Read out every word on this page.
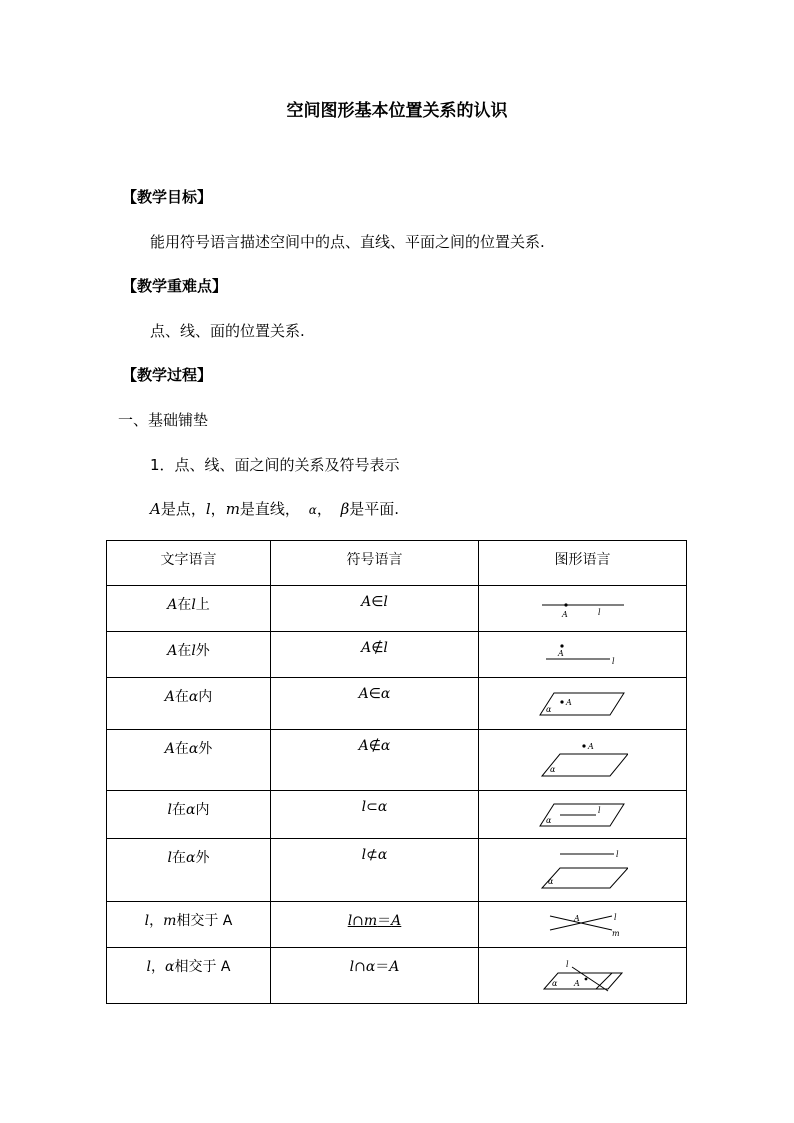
空间图形基本位置关系的认识
【教学目标】
能用符号语言描述空间中的点、直线、平面之间的位置关系.
【教学重难点】
点、线、面的位置关系.
【教学过程】
一、基础铺垫
1．点、线、面之间的关系及符号表示
A是点，l，m是直线， α， β是平面.
文字语言	符号语言	图形语言

A在l上	A∈l	A l

A在l外	A∉l	A
l

A在α内	A∈α	A
α

A在α外	A∉α	A
α

l在α内	l⊂α	l
α

l在α外	l⊄α	l
α

l，m相交于 A	l∩m＝A	A l
m

l，α相交于 A	l∩α＝A	l
A
α
